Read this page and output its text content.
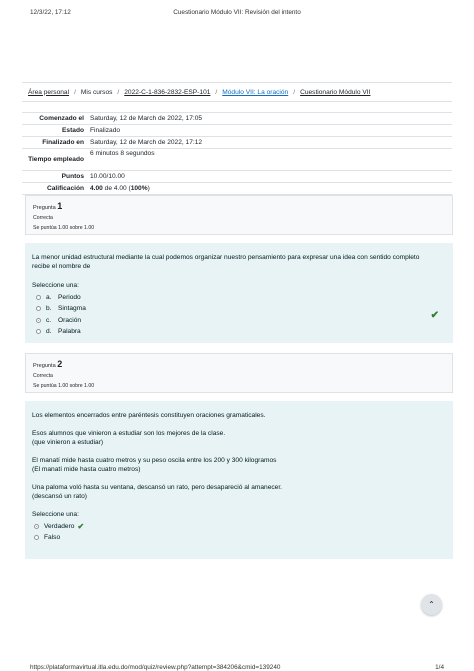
12/3/22, 17:12	Cuestionario Módulo VII: Revisión del intento
Área personal / Mis cursos / 2022-C-1-836-2832-ESP-101 / Módulo VII: La oración / Cuestionario Módulo VII
Comenzado el Saturday, 12 de March de 2022, 17:05
Estado Finalizado
Finalizado en Saturday, 12 de March de 2022, 17:12
Tiempo empleado
6 minutos 8 segundos
Puntos 10.00/10.00
Calificación 4.00 de 4.00 (100%)
Pregunta 1
Correcta
Se puntúa 1.00 sobre 1.00
La menor unidad estructural mediante la cual podemos organizar nuestro pensamiento para expresar una idea con sentido completo recibe el nombre de
Seleccione una:
a. Periodo
b. Sintagma
c.	Oración
d. Palabra
✔
Pregunta 2
Correcta
Se puntúa 1.00 sobre 1.00
Los elementos encerrados entre paréntesis constituyen oraciones gramaticales.
Esos alumnos que vinieron a estudiar son los mejores de la clase.
(que vinieron a estudiar)
El manatí mide hasta cuatro metros y su peso oscila entre los 200 y 300 kilogramos
(El manatí mide hasta cuatro metros)
Una paloma voló hasta su ventana, descansó un rato, pero desapareció al amanecer.
(descansó un rato)
Seleccione una:
Verdadero ✔
Falso
⌃
https://plataformavirtual.itla.edu.do/mod/quiz/review.php?attempt=384206&cmid=139240	1/4
